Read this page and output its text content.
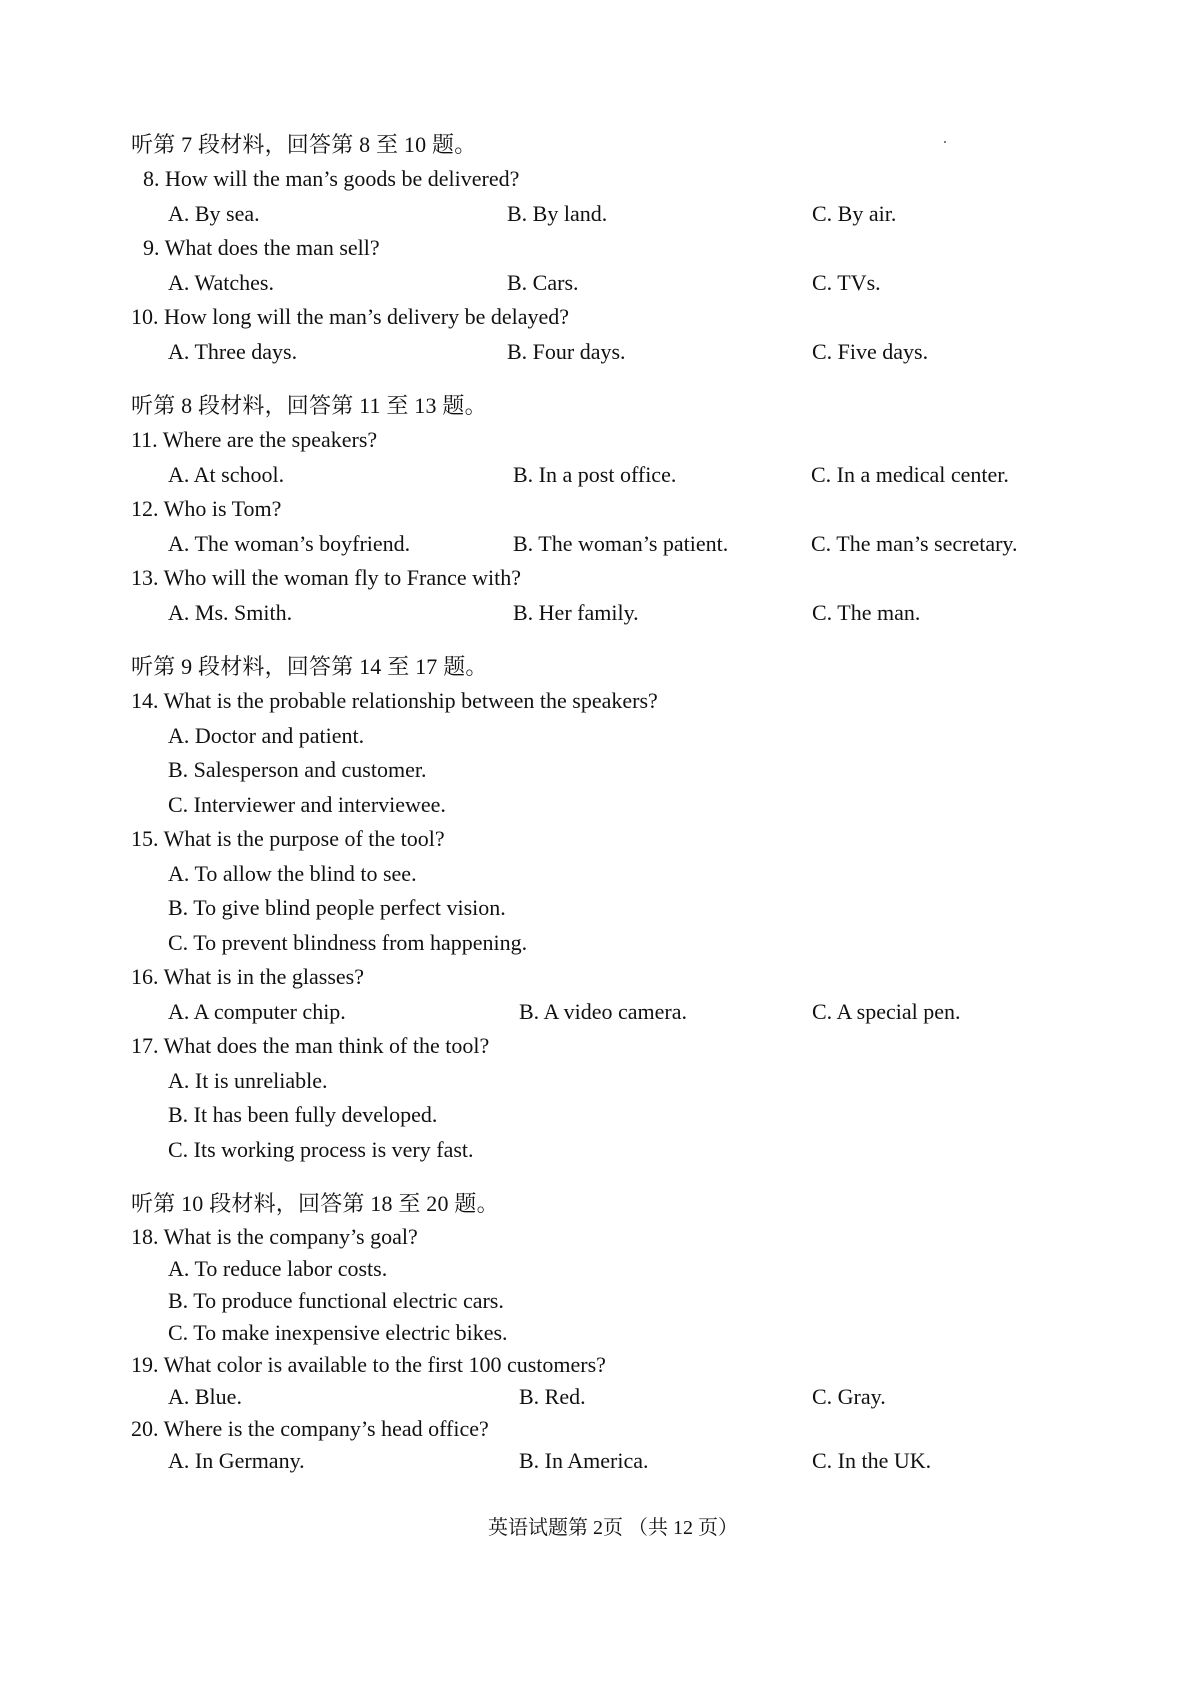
听第 7 段材料，回答第 8 至 10 题。
8. How will the man’s goods be delivered?
A. By sea.	B. By land.	C. By air.
9. What does the man sell?
A. Watches.	B. Cars.	C. TVs.
10. How long will the man’s delivery be delayed?
A. Three days.	B. Four days.	C. Five days.
听第 8 段材料，回答第 11 至 13 题。
11. Where are the speakers?
A. At school.	B. In a post office.	C. In a medical center.
12. Who is Tom?
A. The woman’s boyfriend.	B. The woman’s patient.	C. The man’s secretary.
13. Who will the woman fly to France with?
A. Ms. Smith.	B. Her family.	C. The man.
听第 9 段材料，回答第 14 至 17 题。
14. What is the probable relationship between the speakers?
A. Doctor and patient.
B. Salesperson and customer.
C. Interviewer and interviewee.
15. What is the purpose of the tool?
A. To allow the blind to see.
B. To give blind people perfect vision.
C. To prevent blindness from happening.
16. What is in the glasses?
A. A computer chip.	B. A video camera.	C. A special pen.
17. What does the man think of the tool?
A. It is unreliable.
B. It has been fully developed.
C. Its working process is very fast.
听第 10 段材料，回答第 18 至 20 题。
18. What is the company’s goal?
A. To reduce labor costs.
B. To produce functional electric cars.
C. To make inexpensive electric bikes.
19. What color is available to the first 100 customers?
A. Blue.	B. Red.	C. Gray.
20. Where is the company’s head office?
A. In Germany.	B. In America.	C. In the UK.
英语试题第 2页 （共 12 页）
